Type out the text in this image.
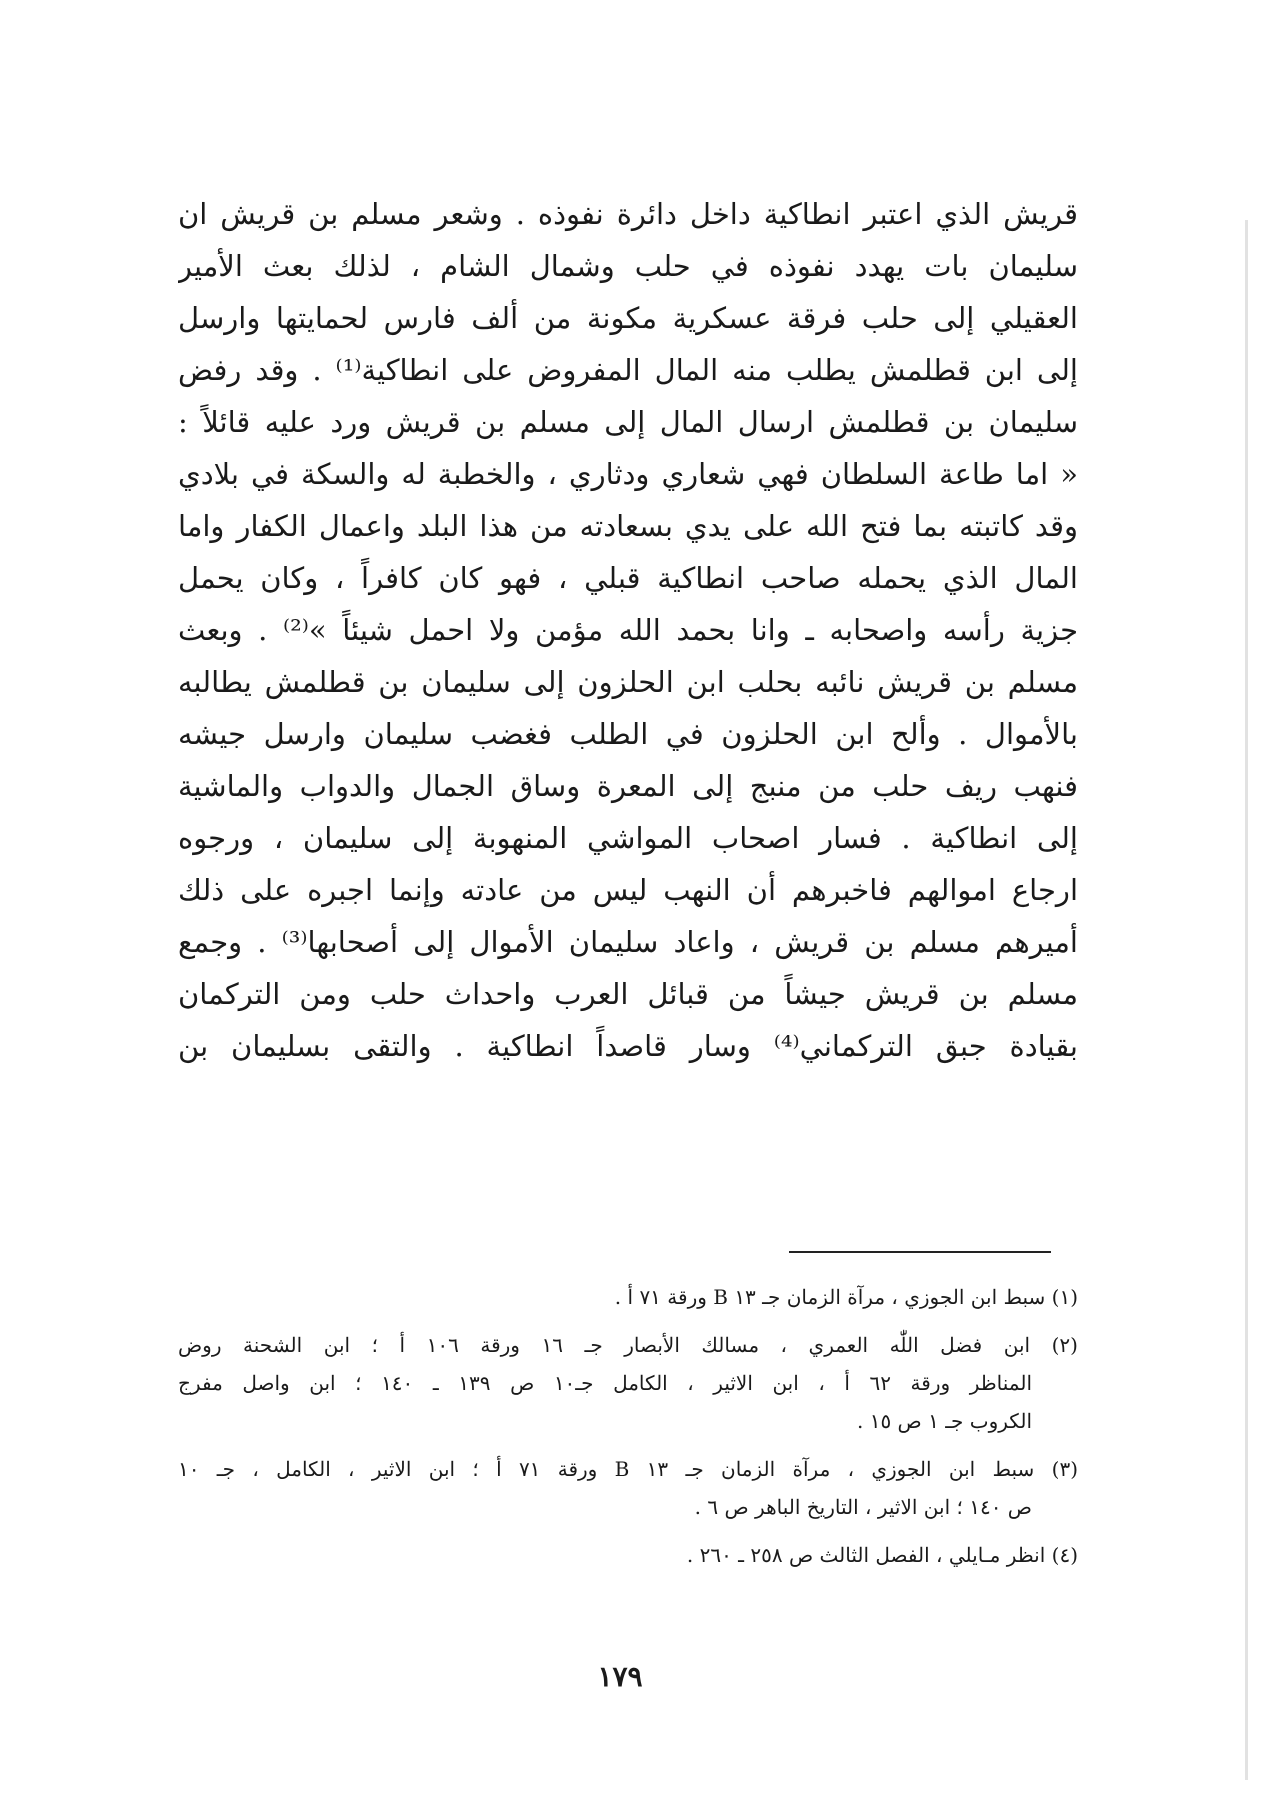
قريش الذي اعتبر انطاكية داخل دائرة نفوذه . وشعر مسلم بن قريش ان
سليمان بات يهدد نفوذه في حلب وشمال الشام ، لذلك بعث الأمير
العقيلي إلى حلب فرقة عسكرية مكونة من ألف فارس لحمايتها وارسل
إلى ابن قطلمش يطلب منه المال المفروض على انطاكية⁽¹⁾ . وقد رفض
سليمان بن قطلمش ارسال المال إلى مسلم بن قريش ورد عليه قائلاً :
« اما طاعة السلطان فهي شعاري ودثاري ، والخطبة له والسكة في بلادي
وقد كاتبته بما فتح الله على يدي بسعادته من هذا البلد واعمال الكفار واما
المال الذي يحمله صاحب انطاكية قبلي ، فهو كان كافراً ، وكان يحمل
جزية رأسه واصحابه ـ وانا بحمد الله مؤمن ولا احمل شيئاً »⁽²⁾ . وبعث
مسلم بن قريش نائبه بحلب ابن الحلزون إلى سليمان بن قطلمش يطالبه
بالأموال . وألح ابن الحلزون في الطلب فغضب سليمان وارسل جيشه
فنهب ريف حلب من منبج إلى المعرة وساق الجمال والدواب والماشية
إلى انطاكية . فسار اصحاب المواشي المنهوبة إلى سليمان ، ورجوه
ارجاع اموالهم فاخبرهم أن النهب ليس من عادته وإنما اجبره على ذلك
أميرهم مسلم بن قريش ، واعاد سليمان الأموال إلى أصحابها⁽³⁾ . وجمع
مسلم بن قريش جيشاً من قبائل العرب واحداث حلب ومن التركمان
بقيادة جبق التركماني⁽⁴⁾ وسار قاصداً انطاكية . والتقى بسليمان بن
(١) سبط ابن الجوزي ، مرآة الزمان جـ ١٣ B ورقة ٧١ أ .
(٢) ابن فضل اللّٰه العمري ، مسالك الأبصار جـ ١٦ ورقة ١٠٦ أ ؛ ابن الشحنة روض
المناظر ورقة ٦٢ أ ، ابن الاثير ، الكامل جـ١٠ ص ١٣٩ ـ ١٤٠ ؛ ابن واصل مفرج
الكروب جـ ١ ص ١٥ .
(٣) سبط ابن الجوزي ، مرآة الزمان جـ ١٣ B ورقة ٧١ أ ؛ ابن الاثير ، الكامل ، جـ ١٠
ص ١٤٠ ؛ ابن الاثير ، التاريخ الباهر ص ٦ .
(٤) انظر مـايلي ، الفصل الثالث ص ٢٥٨ ـ ٢٦٠ .
١٧٩
